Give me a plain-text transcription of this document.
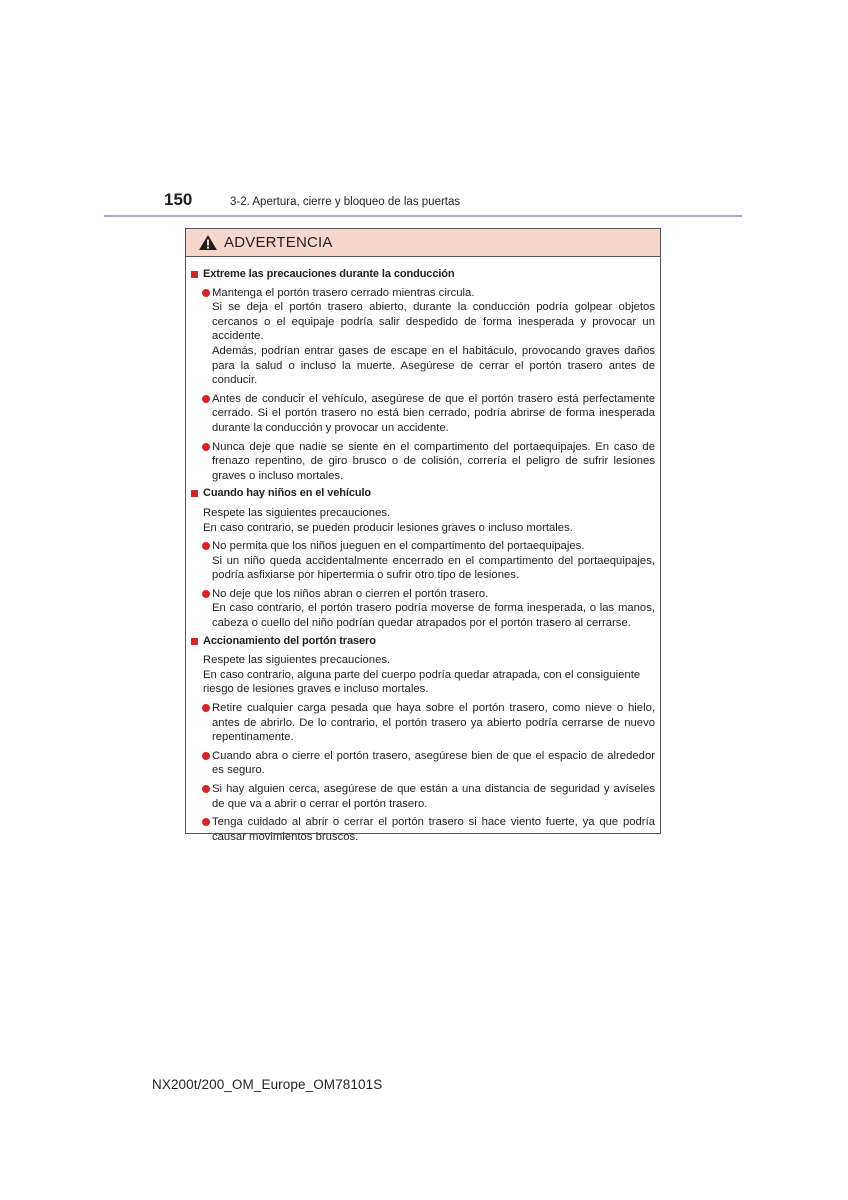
150	3-2. Apertura, cierre y bloqueo de las puertas
ADVERTENCIA
Extreme las precauciones durante la conducción

Mantenga el portón trasero cerrado mientras circula.

Si se deja el portón trasero abierto, durante la conducción podría golpear objetos cercanos o el equipaje podría salir despedido de forma inesperada y provocar un accidente.

Además, podrían entrar gases de escape en el habitáculo, provocando graves daños para la salud o incluso la muerte. Asegúrese de cerrar el portón trasero antes de conducir.

Antes de conducir el vehículo, asegúrese de que el portón trasero está perfectamente cerrado. Si el portón trasero no está bien cerrado, podría abrirse de forma inesperada durante la conducción y provocar un accidente.

Nunca deje que nadie se siente en el compartimento del portaequipajes. En caso de frenazo repentino, de giro brusco o de colisión, correría el peligro de sufrir lesiones graves o incluso mortales.

Cuando hay niños en el vehículo

Respete las siguientes precauciones.

En caso contrario, se pueden producir lesiones graves o incluso mortales.

No permita que los niños jueguen en el compartimento del portaequipajes.

Si un niño queda accidentalmente encerrado en el compartimento del portaequipajes, podría asfixiarse por hipertermia o sufrir otro tipo de lesiones.

No deje que los niños abran o cierren el portón trasero.

En caso contrario, el portón trasero podría moverse de forma inesperada, o las manos, cabeza o cuello del niño podrían quedar atrapados por el portón trasero al cerrarse.

Accionamiento del portón trasero

Respete las siguientes precauciones.

En caso contrario, alguna parte del cuerpo podría quedar atrapada, con el consiguiente riesgo de lesiones graves e incluso mortales.

Retire cualquier carga pesada que haya sobre el portón trasero, como nieve o hielo, antes de abrirlo. De lo contrario, el portón trasero ya abierto podría cerrarse de nuevo repentinamente.

Cuando abra o cierre el portón trasero, asegúrese bien de que el espacio de alrededor es seguro.

Si hay alguien cerca, asegúrese de que están a una distancia de seguridad y avíseles de que va a abrir o cerrar el portón trasero.

Tenga cuidado al abrir o cerrar el portón trasero si hace viento fuerte, ya que podría causar movimientos bruscos.

NX200t/200_OM_Europe_OM78101S
